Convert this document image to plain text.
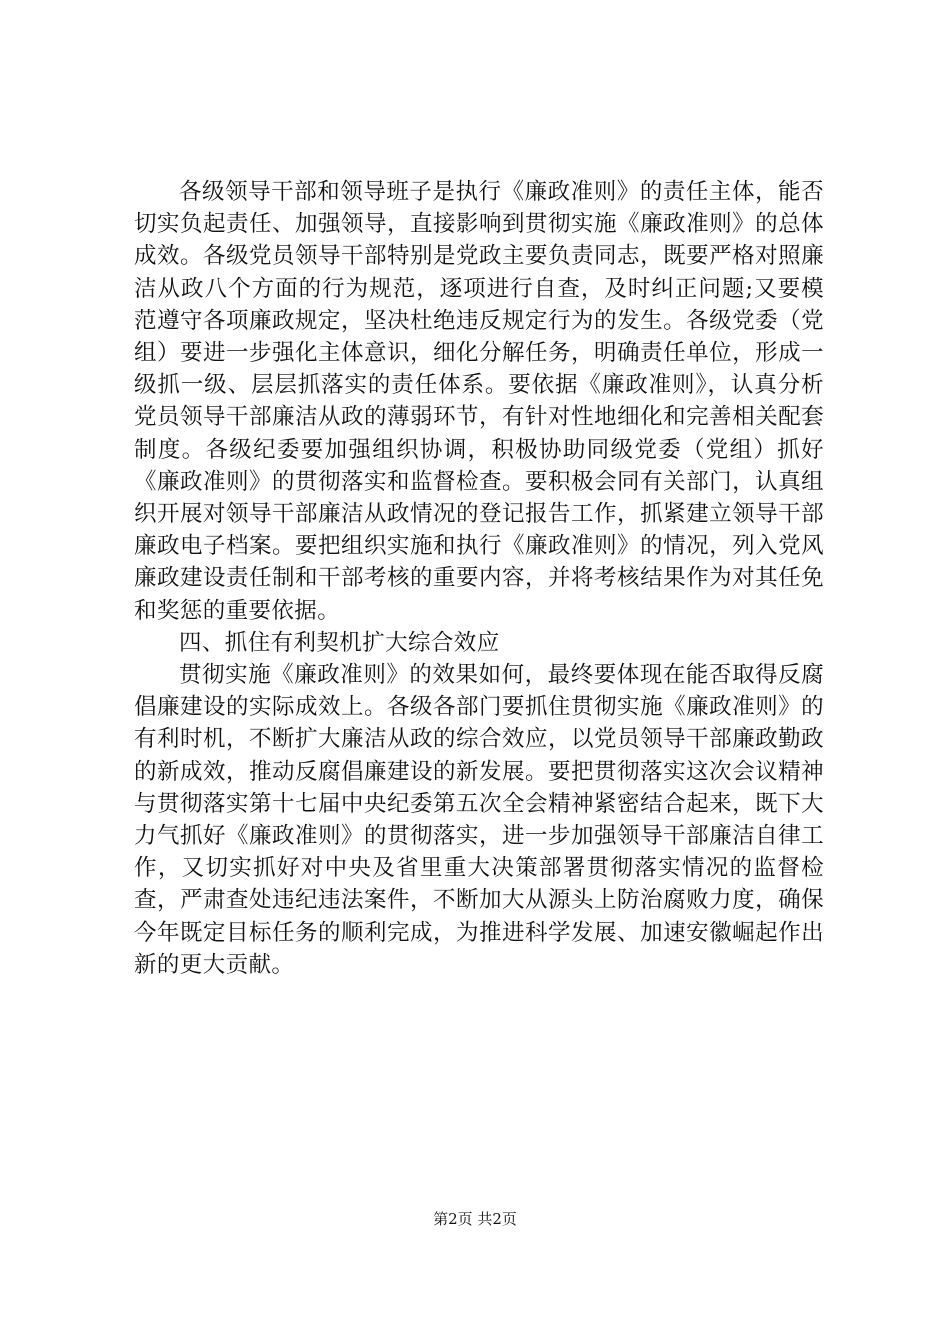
各级领导干部和领导班子是执行《廉政准则》的责任主体，能否切实负起责任、加强领导，直接影响到贯彻实施《廉政准则》的总体成效。各级党员领导干部特别是党政主要负责同志，既要严格对照廉洁从政八个方面的行为规范，逐项进行自查，及时纠正问题;又要模范遵守各项廉政规定，坚决杜绝违反规定行为的发生。各级党委（党组）要进一步强化主体意识，细化分解任务，明确责任单位，形成一级抓一级、层层抓落实的责任体系。要依据《廉政准则》，认真分析党员领导干部廉洁从政的薄弱环节，有针对性地细化和完善相关配套制度。各级纪委要加强组织协调，积极协助同级党委（党组）抓好《廉政准则》的贯彻落实和监督检查。要积极会同有关部门，认真组织开展对领导干部廉洁从政情况的登记报告工作，抓紧建立领导干部廉政电子档案。要把组织实施和执行《廉政准则》的情况，列入党风廉政建设责任制和干部考核的重要内容，并将考核结果作为对其任免和奖惩的重要依据。

四、抓住有利契机扩大综合效应

贯彻实施《廉政准则》的效果如何，最终要体现在能否取得反腐倡廉建设的实际成效上。各级各部门要抓住贯彻实施《廉政准则》的有利时机，不断扩大廉洁从政的综合效应，以党员领导干部廉政勤政的新成效，推动反腐倡廉建设的新发展。要把贯彻落实这次会议精神与贯彻落实第十七届中央纪委第五次全会精神紧密结合起来，既下大力气抓好《廉政准则》的贯彻落实，进一步加强领导干部廉洁自律工作，又切实抓好对中央及省里重大决策部署贯彻落实情况的监督检查，严肃查处违纪违法案件，不断加大从源头上防治腐败力度，确保今年既定目标任务的顺利完成，为推进科学发展、加速安徽崛起作出新的更大贡献。

第2页 共2页
